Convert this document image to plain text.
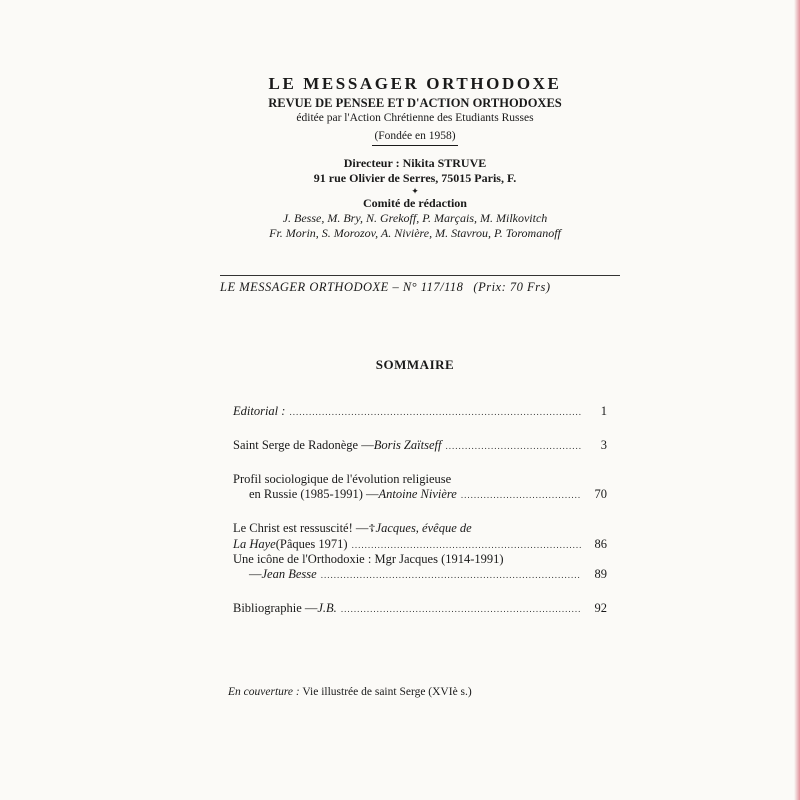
LE MESSAGER ORTHODOXE
REVUE DE PENSEE ET D'ACTION ORTHODOXES
éditée par l'Action Chrétienne des Etudiants Russes
(Fondée en 1958)
Directeur : Nikita STRUVE
91 rue Olivier de Serres, 75015 Paris, F.
✦
Comité de rédaction
J. Besse, M. Bry, N. Grekoff, P. Marçais, M. Milkovitch
Fr. Morin, S. Morozov, A. Nivière, M. Stavrou, P. Toromanoff
LE MESSAGER ORTHODOXE – N° 117/118 (Prix: 70 Frs)
SOMMAIRE
Editorial : .....	1
Saint Serge de Radonège — Boris Zaïtseff .....	3
Profil sociologique de l'évolution religieuse
en Russie (1985-1991) — Antoine Nivière .....	70
Le Christ est ressuscité! — ☦ Jacques, évêque de
La Haye (Pâques 1971) .....	86
Une icône de l'Orthodoxie : Mgr Jacques (1914-1991)
— Jean Besse .....	89
Bibliographie — J.B. .....	92
En couverture : Vie illustrée de saint Serge (XVIè s.)
